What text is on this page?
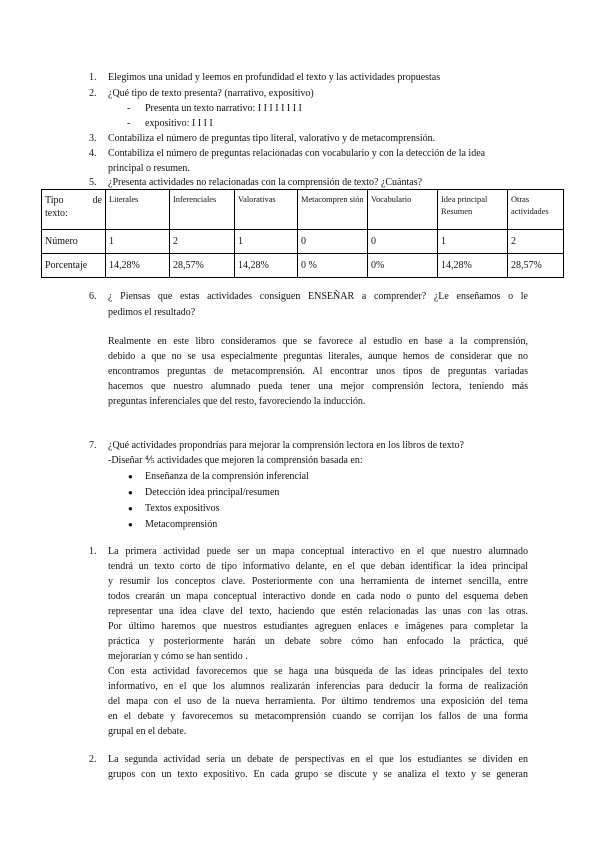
1.	Elegimos una unidad y leemos en profundidad el texto y las actividades propuestas
2.	¿Qué tipo de texto presenta? (narrativo, expositivo)
- Presenta un texto narrativo: I I I I I I I I
- expositivo: I I I I
3.	Contabiliza el número de preguntas tipo literal, valorativo y de metacomprensión.
4.	Contabiliza el número de preguntas relacionadas con vocabulario y con la detección de la idea
principal o resumen.
5.	¿Presenta actividades no relacionadas con la comprensión de texto? ¿Cuántas?
Tipo de
texto:	Literales	Inferenciales	Valorativas	Metacompren sión	Vocabulario	Idea principal Resumen	Otras actividades
Número	1	2	1	0	0	1	2
Porcentaje	14,28%	28,57%	14,28%	0 %	0%	14,28%	28,57%
6.	¿ Piensas que estas actividades consiguen ENSEÑAR a comprender? ¿Le enseñamos o le
pedimos el resultado?
Realmente en este libro consideramos que se favorece al estudio en base a la comprensión,
debido a que no se usa especialmente preguntas literales, aunque hemos de considerar que no
encontramos preguntas de metacomprensión. Al encontrar unos tipos de preguntas variadas
hacemos que nuestro alumnado pueda tener una mejor comprensión lectora, teniendo más
preguntas inferenciales que del resto, favoreciendo la inducción.
7.	¿Qué actividades propondrías para mejorar la comprensión lectora en los libros de texto?
-Diseñar ⅘ actividades que mejoren la comprensión basada en:
● Enseñanza de la comprensión inferencial
● Detección idea principal/resumen
● Textos expositivos
● Metacomprensión
1.	La primera actividad puede ser un mapa conceptual interactivo en el que nuestro alumnado
tendrá un texto corto de tipo informativo delante, en el que deban identificar la idea principal
y resumir los conceptos clave. Posteriormente con una herramienta de internet sencilla, entre
todos crearán un mapa conceptual interactivo donde en cada nodo o punto del esquema deben
representar una idea clave del texto, haciendo que estén relacionadas las unas con las otras.
Por último haremos que nuestros estudiantes agreguen enlaces e imágenes para completar la
práctica y posteriormente harán un debate sobre cómo han enfocado la práctica, qué
mejorarían y cómo se han sentido .
Con esta actividad favorecemos que se haga una búsqueda de las ideas principales del texto
informativo, en el que los alumnos realizarán inferencias para deducir la forma de realización
del mapa con el uso de la nueva herramienta. Por último tendremos una exposición del tema
en el debate y favorecemos su metacomprensión cuando se corrijan los fallos de una forma
grupal en el debate.
2.	La segunda actividad sería un debate de perspectivas en el que los estudiantes se dividen en
grupos con un texto expositivo. En cada grupo se discute y se analiza el texto y se generan
